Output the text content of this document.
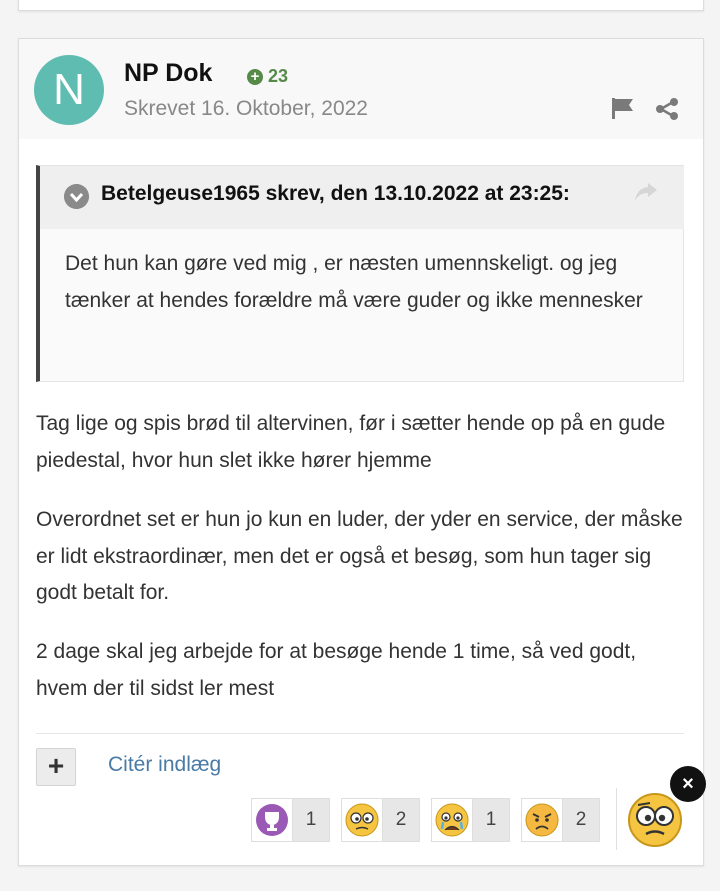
N	NP Dok	+ 23
Skrevet 16. Oktober, 2022
Betelgeuse1965 skrev, den 13.10.2022 at 23:25:
Det hun kan gøre ved mig , er næsten umennskeligt. og jeg tænker at hendes forældre må være guder og ikke mennesker

Tag lige og spis brød til altervinen, før i sætter hende op på en gude piedestal, hvor hun slet ikke hører hjemme

Overordnet set er hun jo kun en luder, der yder en service, der måske er lidt ekstraordinær, men det er også et besøg, som hun tager sig godt betalt for.

2 dage skal jeg arbejde for at besøge hende 1 time, så ved godt, hvem der til sidst ler mest

+	Citér indlæg
1	2	1	2
×
